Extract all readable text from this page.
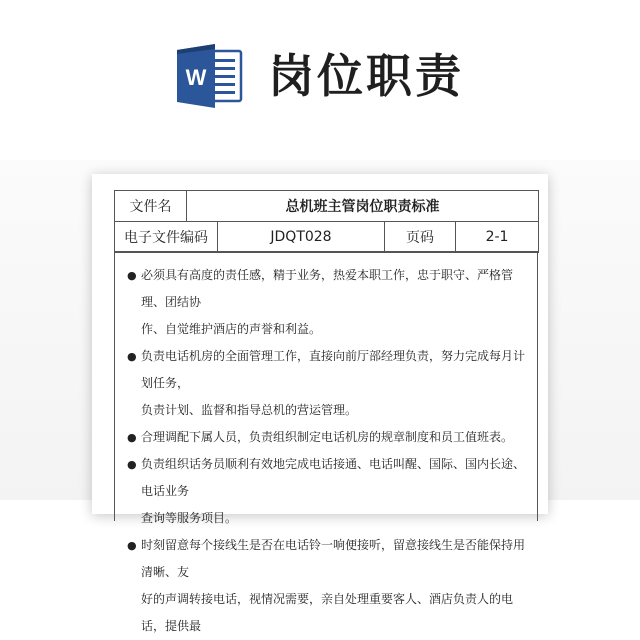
W 岗位职责
文件名	总机班主管岗位职责标准			
电子文件编码		JDQT028	页码	2-1
● 必须具有高度的责任感，精于业务，热爱本职工作，忠于职守、严格管理、团结协
作、自觉维护酒店的声誉和利益。
● 负责电话机房的全面管理工作，直接向前厅部经理负责，努力完成每月计划任务，
负责计划、监督和指导总机的营运管理。
● 合理调配下属人员，负责组织制定电话机房的规章制度和员工值班表。
● 负责组织话务员顺利有效地完成电话接通、电话叫醒、国际、国内长途、电话业务
查询等服务项目。
● 时刻留意每个接线生是否在电话铃一响便接听，留意接线生是否能保持用清晰、友
好的声调转接电话，视情况需要，亲自处理重要客人、酒店负责人的电话，提供最
